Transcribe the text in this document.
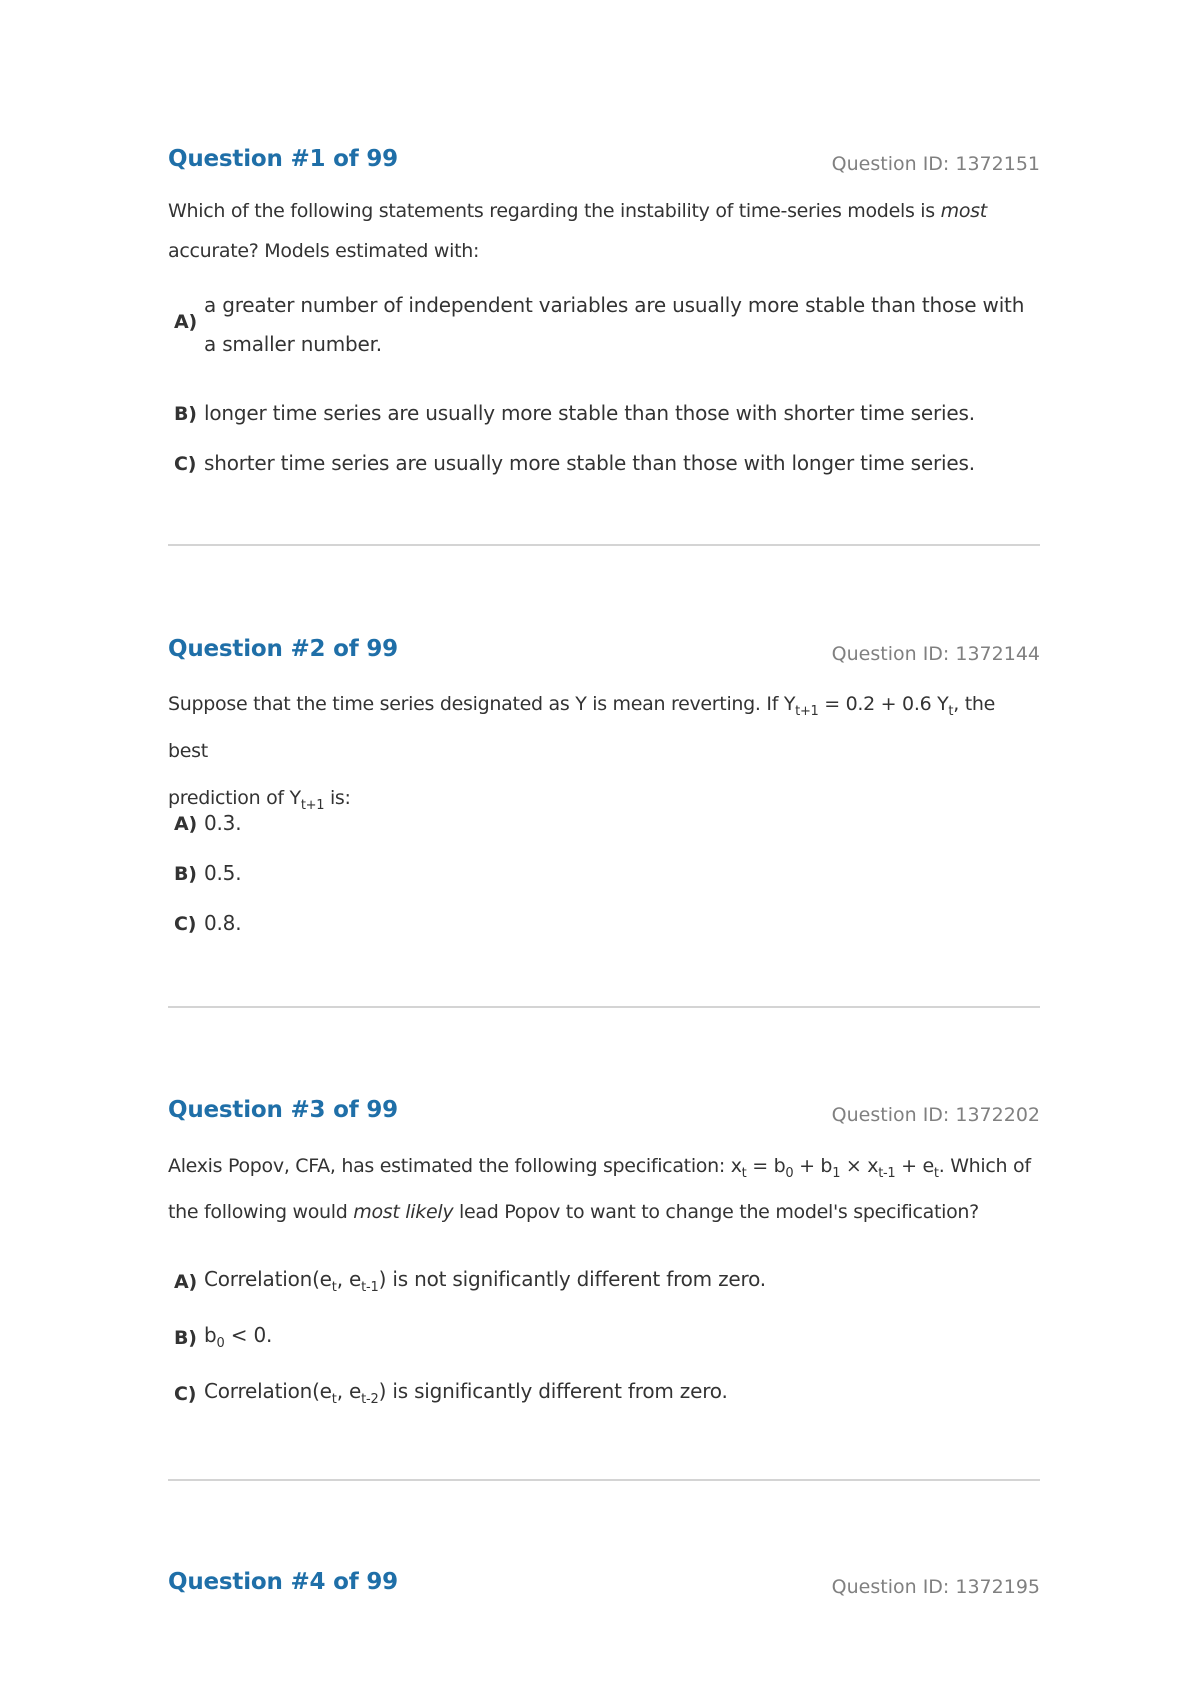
Question #1 of 99	Question ID: 1372151
Which of the following statements regarding the instability of time-series models is most
accurate? Models estimated with:
A)
a greater number of independent variables are usually more stable than those with
a smaller number.
B) longer time series are usually more stable than those with shorter time series.
C) shorter time series are usually more stable than those with longer time series.
Question #2 of 99	Question ID: 1372144
Suppose that the time series designated as Y is mean reverting. If $Y_{t+1} = 0.2 + 0.6$ $Y_t$, the best
prediction of $Y_{t+1}$ is:
A) 0.3.
B) 0.5.
C) 0.8.
Question #3 of 99	Question ID: 1372202
Alexis Popov, CFA, has estimated the following specification: $x_t = b_0 + b_1 \times x_{t-1} + e_t$. Which of
the following would most likely lead Popov to want to change the model's specification?
A) $Correlation(e_t$, $e_{t-1}$) is not significantly different from zero.
B) $b_0 < 0$.
C) $Correlation(e_t$, $e_{t-2}$) is significantly different from zero.
Question #4 of 99	Question ID: 1372195
